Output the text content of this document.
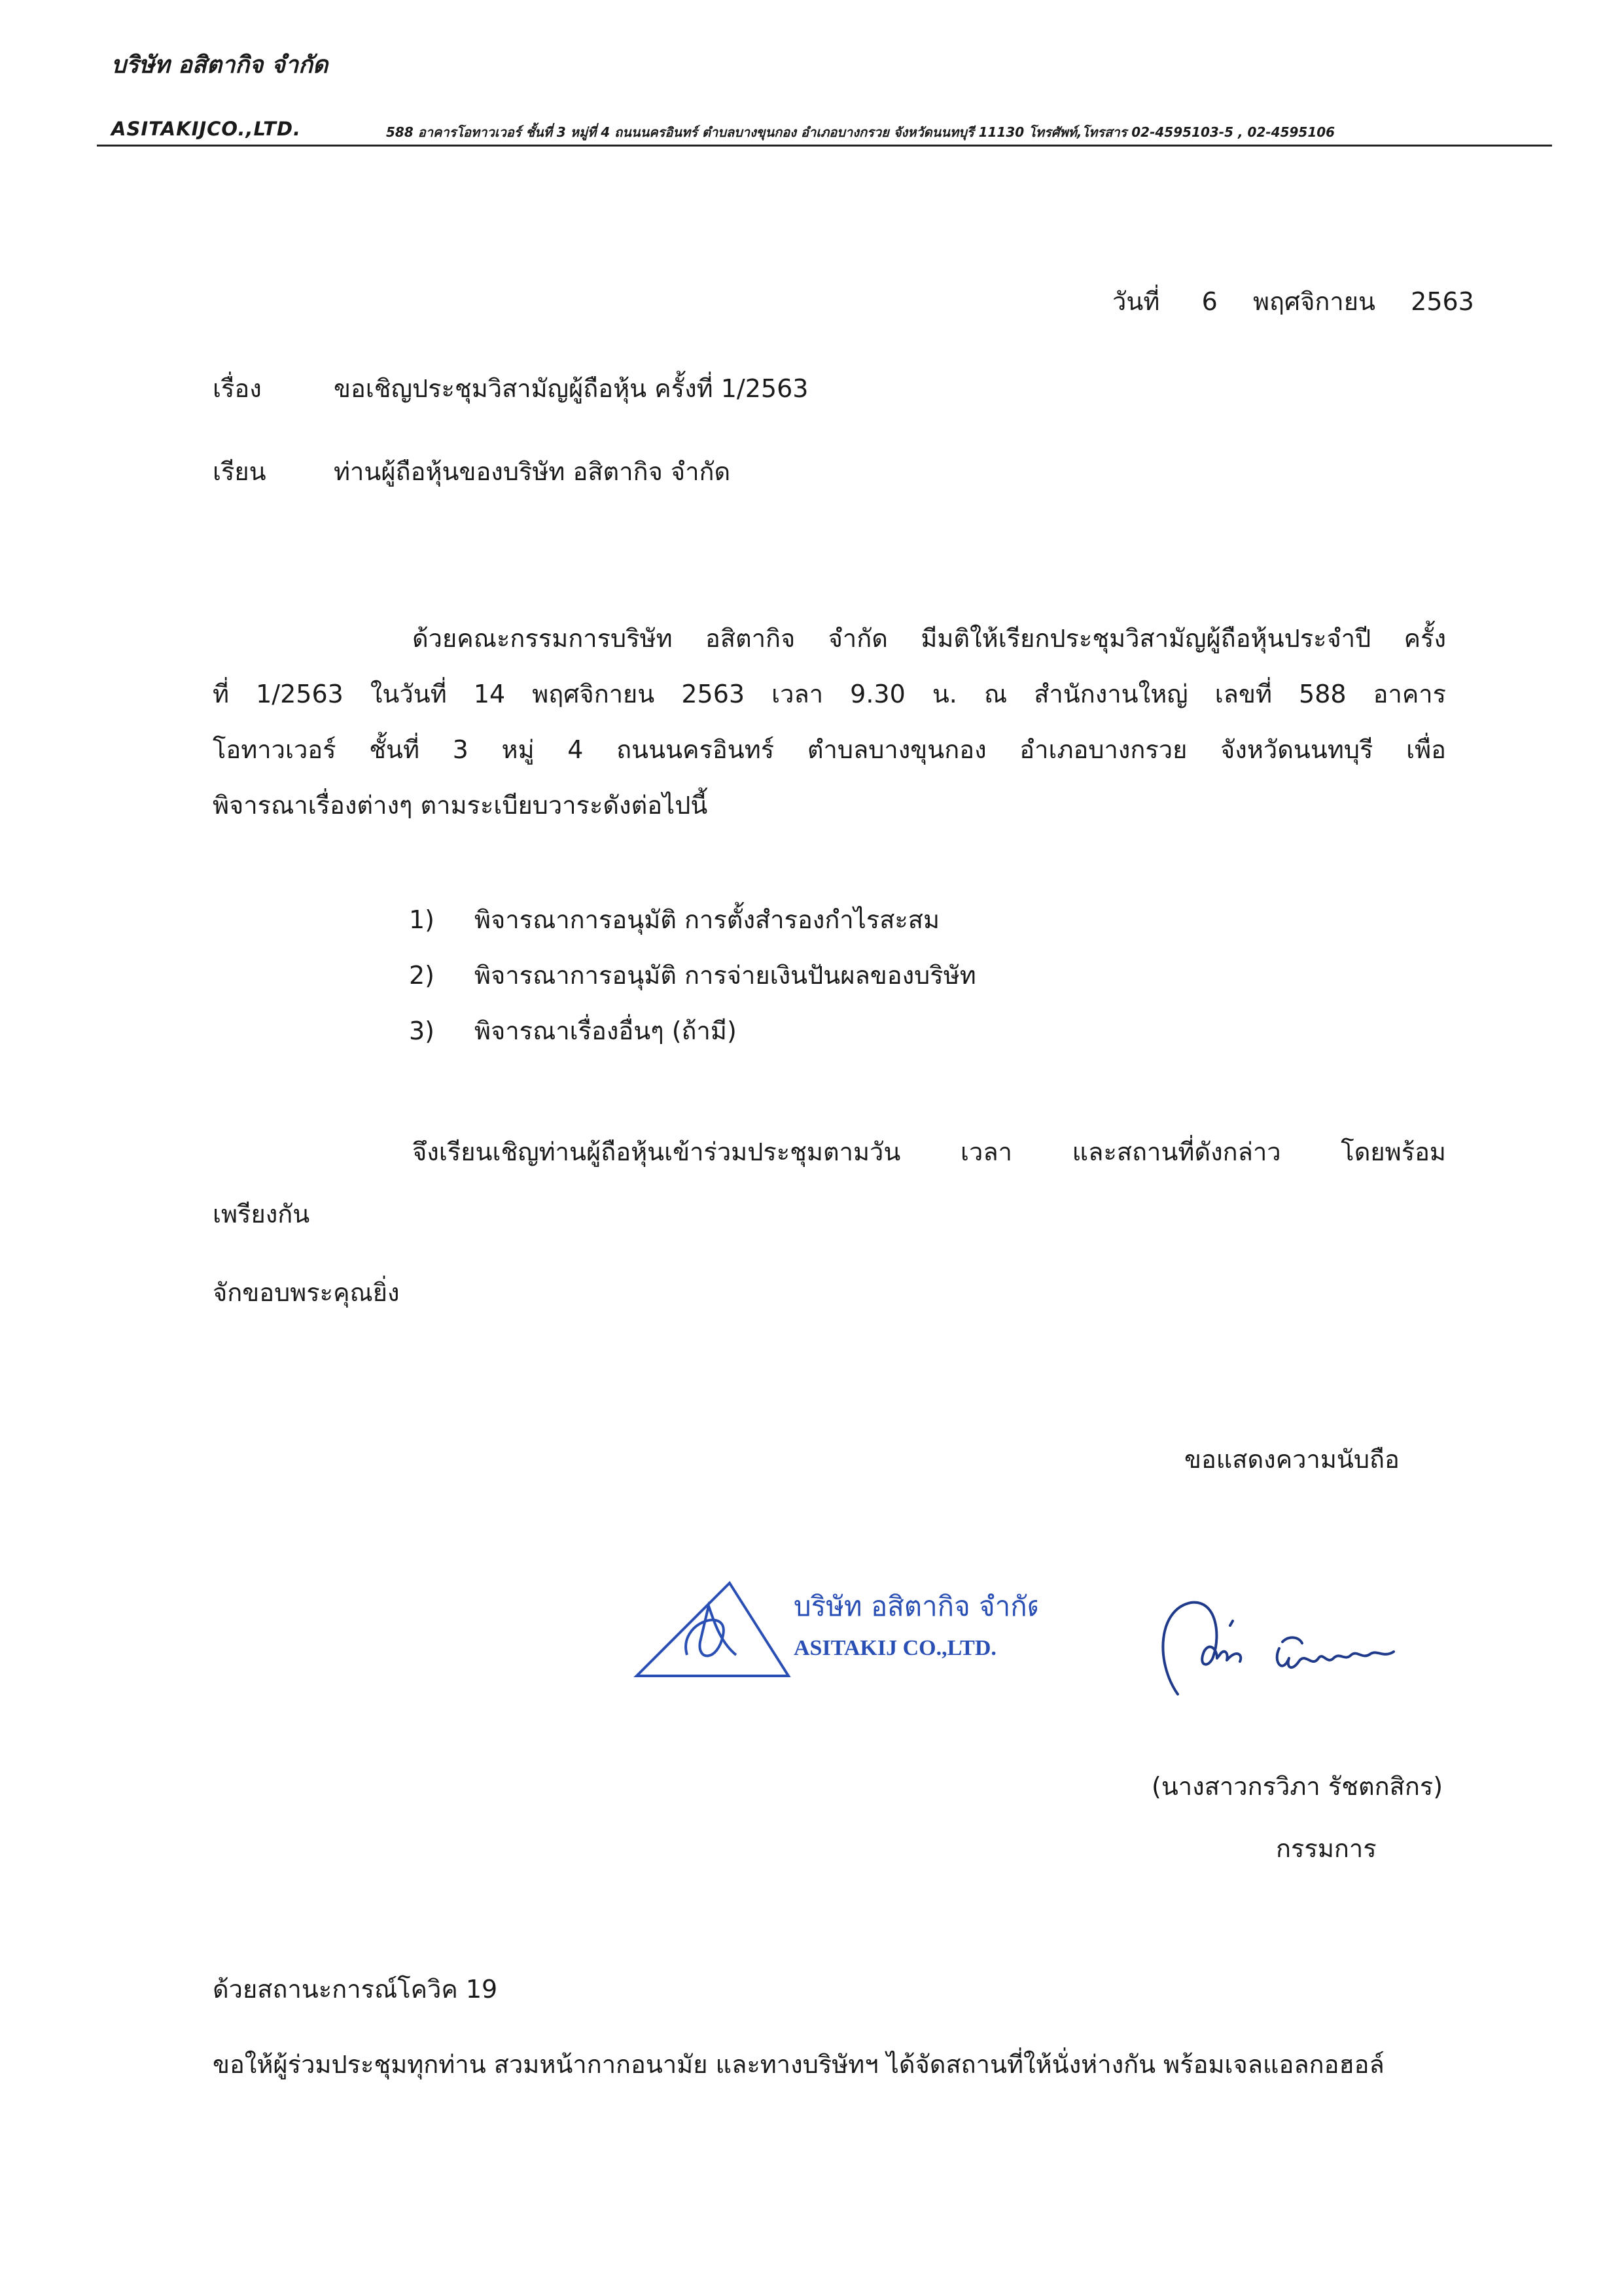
บริษัท อสิตากิจ จำกัด
ASITAKIJCO.,LTD.	588 อาคารโอทาวเวอร์ ชั้นที่ 3 หมู่ที่ 4 ถนนนครอินทร์ ตำบลบางขุนกอง อำเภอบางกรวย จังหวัดนนทบุรี 11130 โทรศัพท์,โทรสาร 02-4595103-5 , 02-4595106
วันที่ 6 พฤศจิกายน 2563
เรื่อง	ขอเชิญประชุมวิสามัญผู้ถือหุ้น ครั้งที่ 1/2563
เรียน	ท่านผู้ถือหุ้นของบริษัท อสิตากิจ จำกัด
ด้วยคณะกรรมการบริษัท อสิตากิจ จำกัด มีมติให้เรียกประชุมวิสามัญผู้ถือหุ้นประจำปี ครั้ง
ที่ 1/2563 ในวันที่ 14 พฤศจิกายน 2563 เวลา 9.30 น. ณ สำนักงานใหญ่ เลขที่ 588 อาคาร
โอทาวเวอร์ ชั้นที่ 3 หมู่ 4 ถนนนครอินทร์ ตำบลบางขุนกอง อำเภอบางกรวย จังหวัดนนทบุรี เพื่อ
พิจารณาเรื่องต่างๆ ตามระเบียบวาระดังต่อไปนี้
1) พิจารณาการอนุมัติ การตั้งสำรองกำไรสะสม
2) พิจารณาการอนุมัติ การจ่ายเงินปันผลของบริษัท
3) พิจารณาเรื่องอื่นๆ (ถ้ามี)
จึงเรียนเชิญท่านผู้ถือหุ้นเข้าร่วมประชุมตามวัน เวลา และสถานที่ดังกล่าว โดยพร้อม
เพรียงกัน
จักขอบพระคุณยิ่ง
ขอแสดงความนับถือ
บริษัท อสิตากิจ จำกัด
ASITAKIJ CO.,LTD.
(นางสาวกรวิภา รัชตกสิกร)
กรรมการ
ด้วยสถานะการณ์โควิค 19
ขอให้ผู้ร่วมประชุมทุกท่าน สวมหน้ากากอนามัย และทางบริษัทฯ ได้จัดสถานที่ให้นั่งห่างกัน พร้อมเจลแอลกอฮอล์
